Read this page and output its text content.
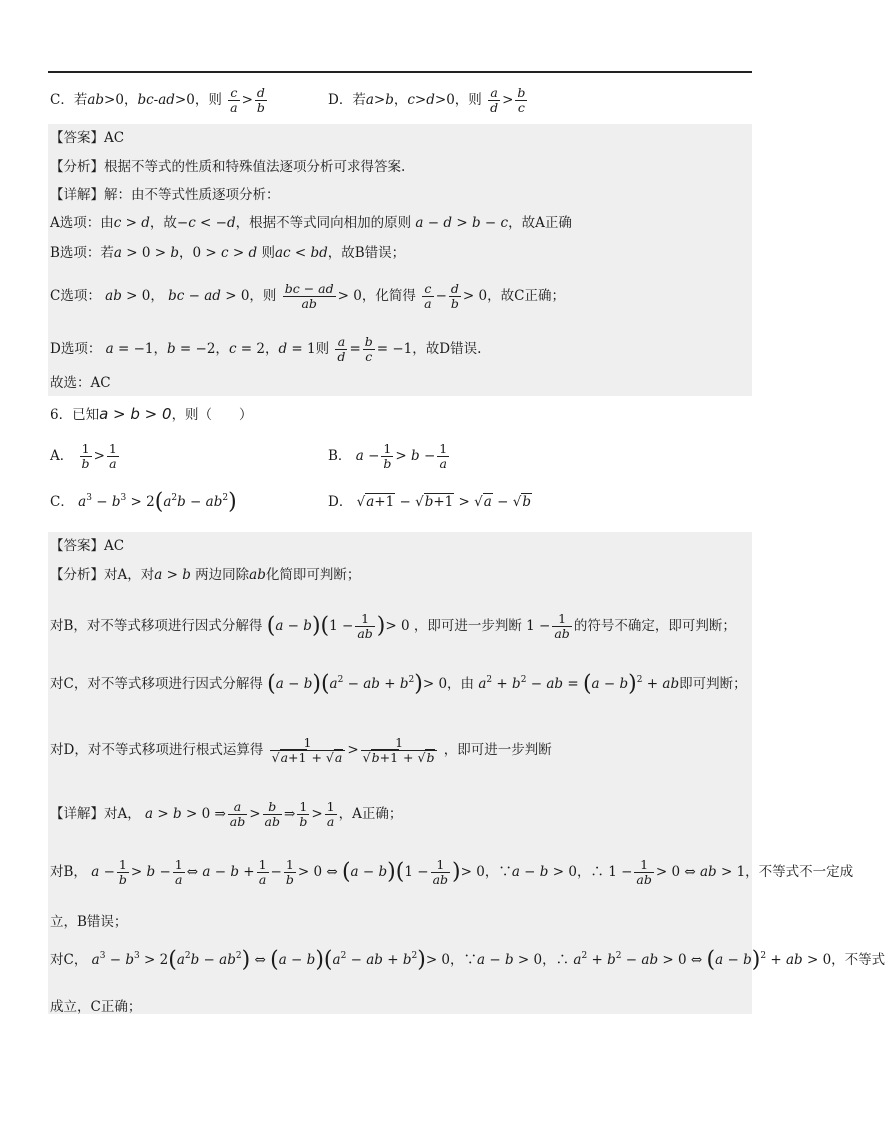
C．若ab>0，bc-ad>0，则 $\frac{c}{a} > \frac{d}{b}$	D．若a>b，c>d>0，则 $\frac{a}{d} > \frac{b}{c}$
【答案】AC
【分析】根据不等式的性质和特殊值法逐项分析可求得答案.
【详解】解：由不等式性质逐项分析：
A选项：由c > d，故−c < −d，根据不等式同向相加的原则 a − d > b − c，故A正确
B选项：若a > 0 > b，0 > c > d 则ac < bd，故B错误；
C选项： ab > 0， bc − ad > 0，则 $\frac{bc - ad}{ab} > 0$，化简得 $\frac{c}{a} - \frac{d}{b} > 0$，故C正确；
D选项： a = −1，b = −2，c = 2，d = 1则 $\frac{a}{d} = \frac{b}{c} = -1$，故D错误.
故选：AC
6．已知a > b > 0，则（　　）
A． $\frac{1}{b} > \frac{1}{a}$	B． $a - \frac{1}{b} > b - \frac{1}{a}$
C． $a^3 - b^3 > 2(a^2b - ab^2)$	D． √a+1 − √b+1 > √a − √b
【答案】AC
【分析】对A，对a > b 两边同除ab化简即可判断；
对B，对不等式移项进行因式分解得 $(a - b)(1 - \frac{1}{ab}$ )> 0 ，即可进一步判断 $1 - \frac{1}{ab}$ 的符号不确定，即可判断；
对C，对不等式移项进行因式分解得 $(a - b)(a^2$ − ab + $b^2)> 0$，由 $a^2 + b^2$ − ab = $(a - b)^2$ + ab即可判断；
对D，对不等式移项进行根式运算得 $\frac{1}{√a+1 + √a} > \frac{1}{√b+1 + √b}$ ，即可进一步判断
【详解】对A， a > b > 0 ⇒ $\frac{a}{ab} > \frac{b}{ab}$ ⇒ $\frac{1}{b} > \frac{1}{a}$ ，A正确；
对B， $a - \frac{1}{b} > b - \frac{1}{a}$ ⇔ $a - b + \frac{1}{a} - \frac{1}{b} > 0$ ⇔ $(a - b)(1 - \frac{1}{ab}$ )> 0，∵a − b > 0，∴ $1 - \frac{1}{ab} > 0$ ⇔ ab > 1，不等式不一定成
立，B错误；
对C， $a^3 - b^3 > 2(a^2b - ab^2)$ ⇔ $(a - b)(a^2$ − ab + $b^2)> 0$，∵a − b > 0，∴ $a^2 + b^2$ − ab > 0 ⇔ $(a - b)^2$ + ab > 0，不等式
成立，C正确；
